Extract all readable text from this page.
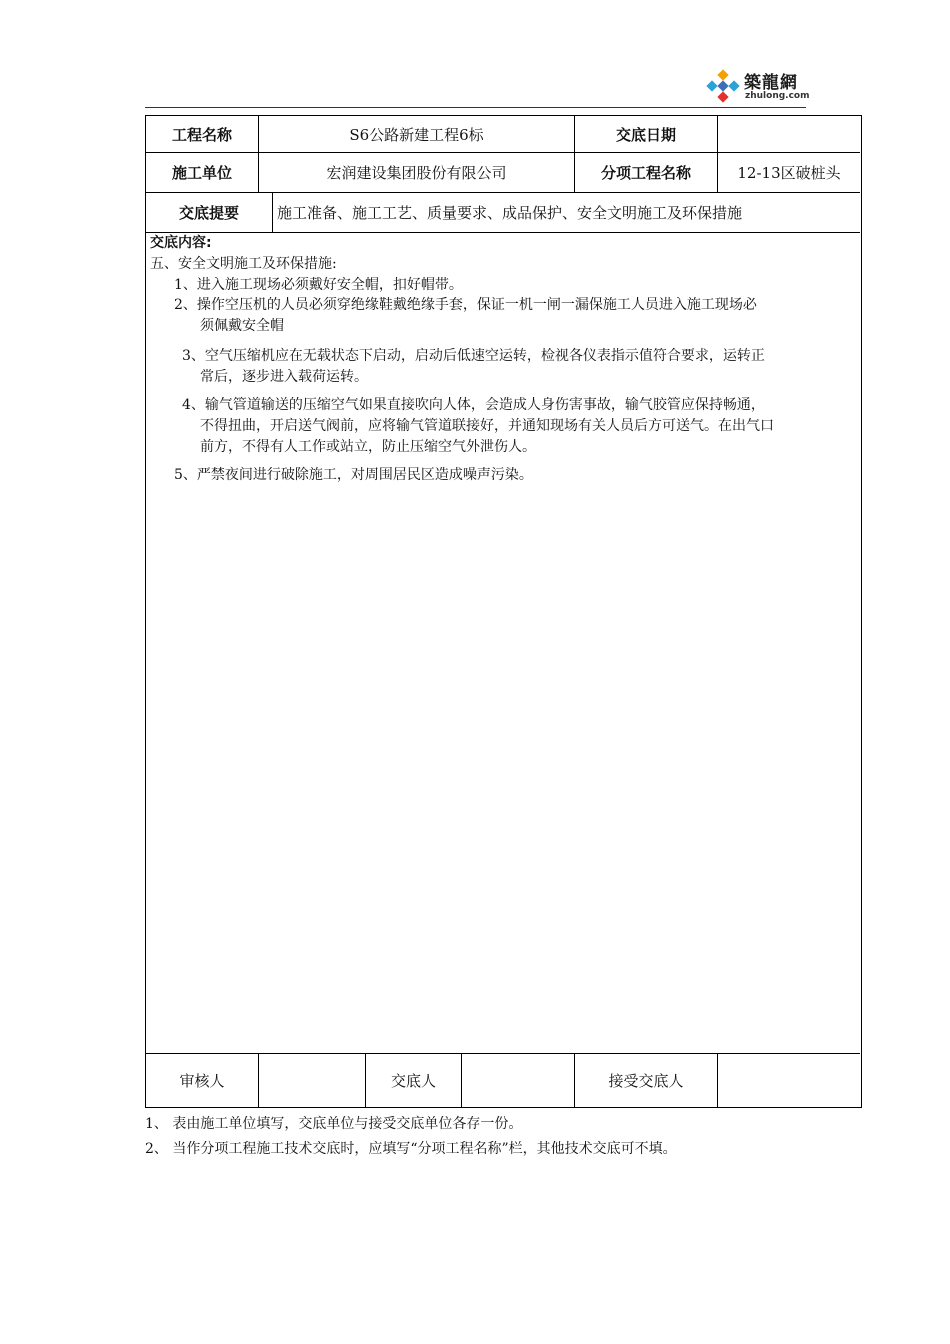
築龍網
zhulong.com
工程名称	S6公路新建工程6标	交底日期
施工单位	宏润建设集团股份有限公司	分项工程名称	12-13区破桩头
交底提要	施工准备、施工工艺、质量要求、成品保护、安全文明施工及环保措施
交底内容:
五、安全文明施工及环保措施:
1、进入施工现场必须戴好安全帽，扣好帽带。
2、操作空压机的人员必须穿绝缘鞋戴绝缘手套，保证一机一闸一漏保施工人员进入施工现场必
须佩戴安全帽
3、空气压缩机应在无载状态下启动，启动后低速空运转，检视各仪表指示值符合要求，运转正
常后，逐步进入载荷运转。
4、输气管道输送的压缩空气如果直接吹向人体，会造成人身伤害事故，输气胶管应保持畅通，
不得扭曲，开启送气阀前，应将输气管道联接好，并通知现场有关人员后方可送气。在出气口
前方，不得有人工作或站立，防止压缩空气外泄伤人。
5、严禁夜间进行破除施工，对周围居民区造成噪声污染。
审核人	交底人	接受交底人
1、 表由施工单位填写，交底单位与接受交底单位各存一份。
2、 当作分项工程施工技术交底时，应填写“分项工程名称”栏，其他技术交底可不填。
